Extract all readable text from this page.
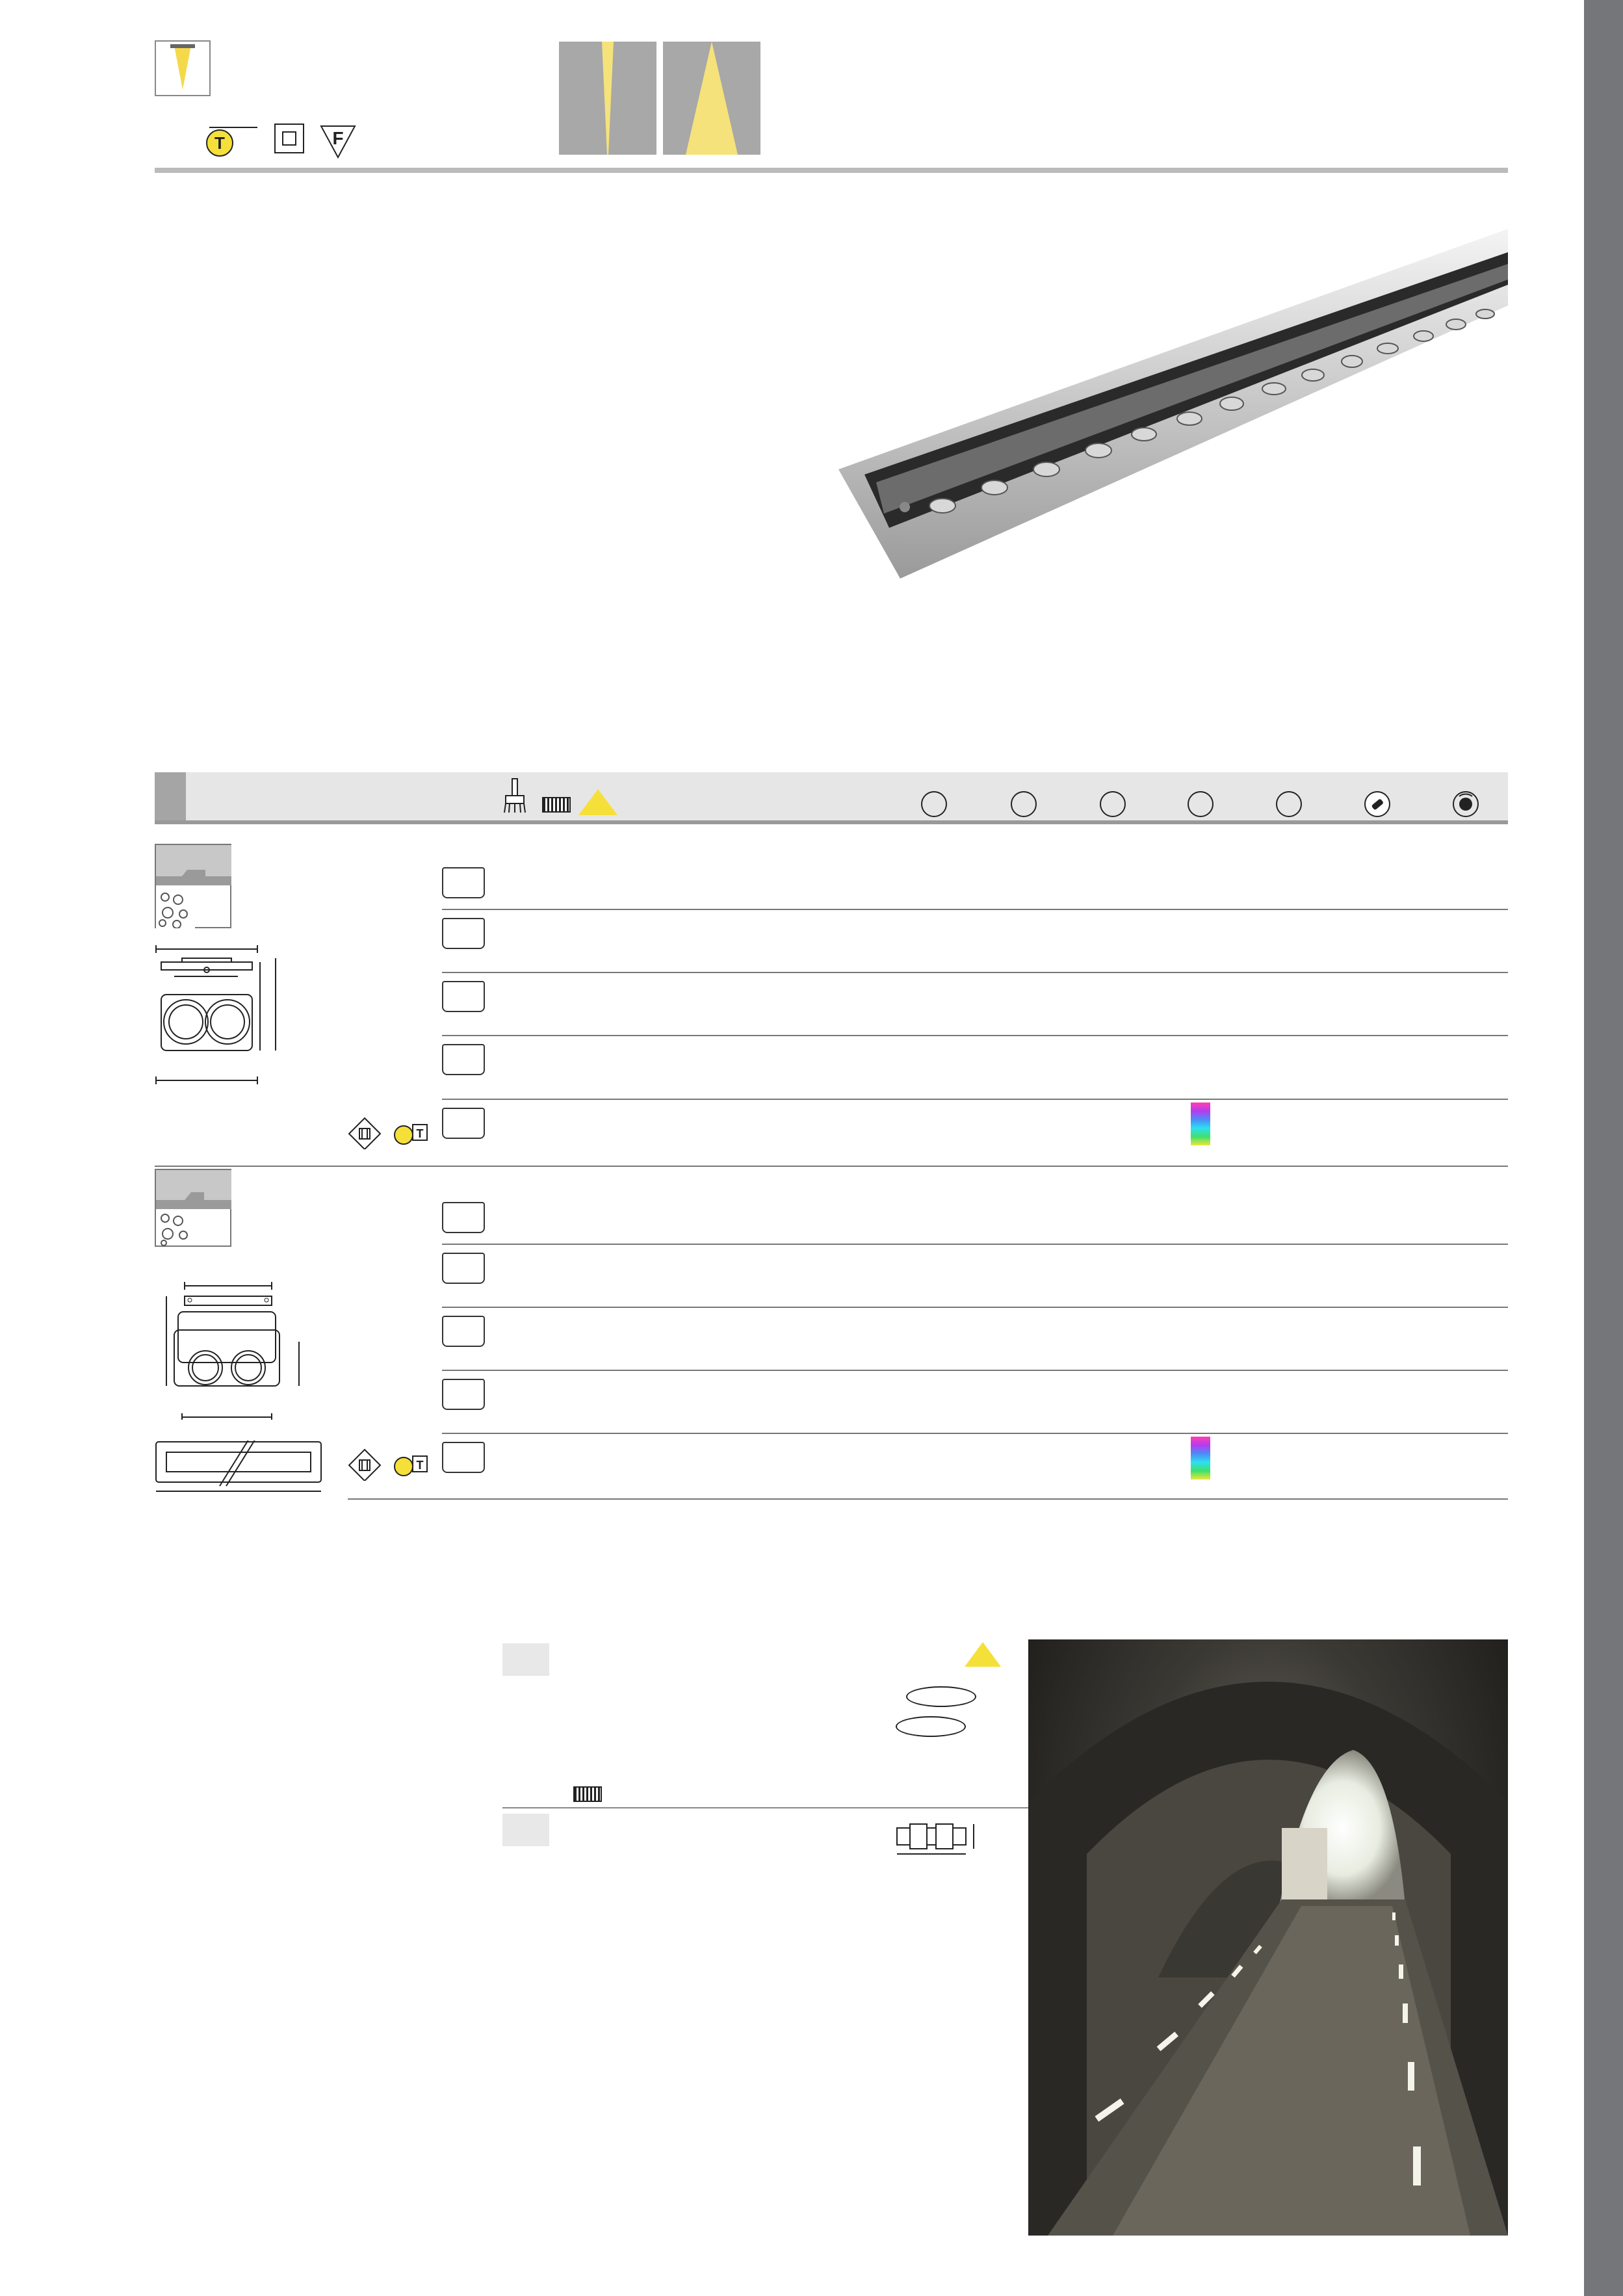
T	F
T
T
